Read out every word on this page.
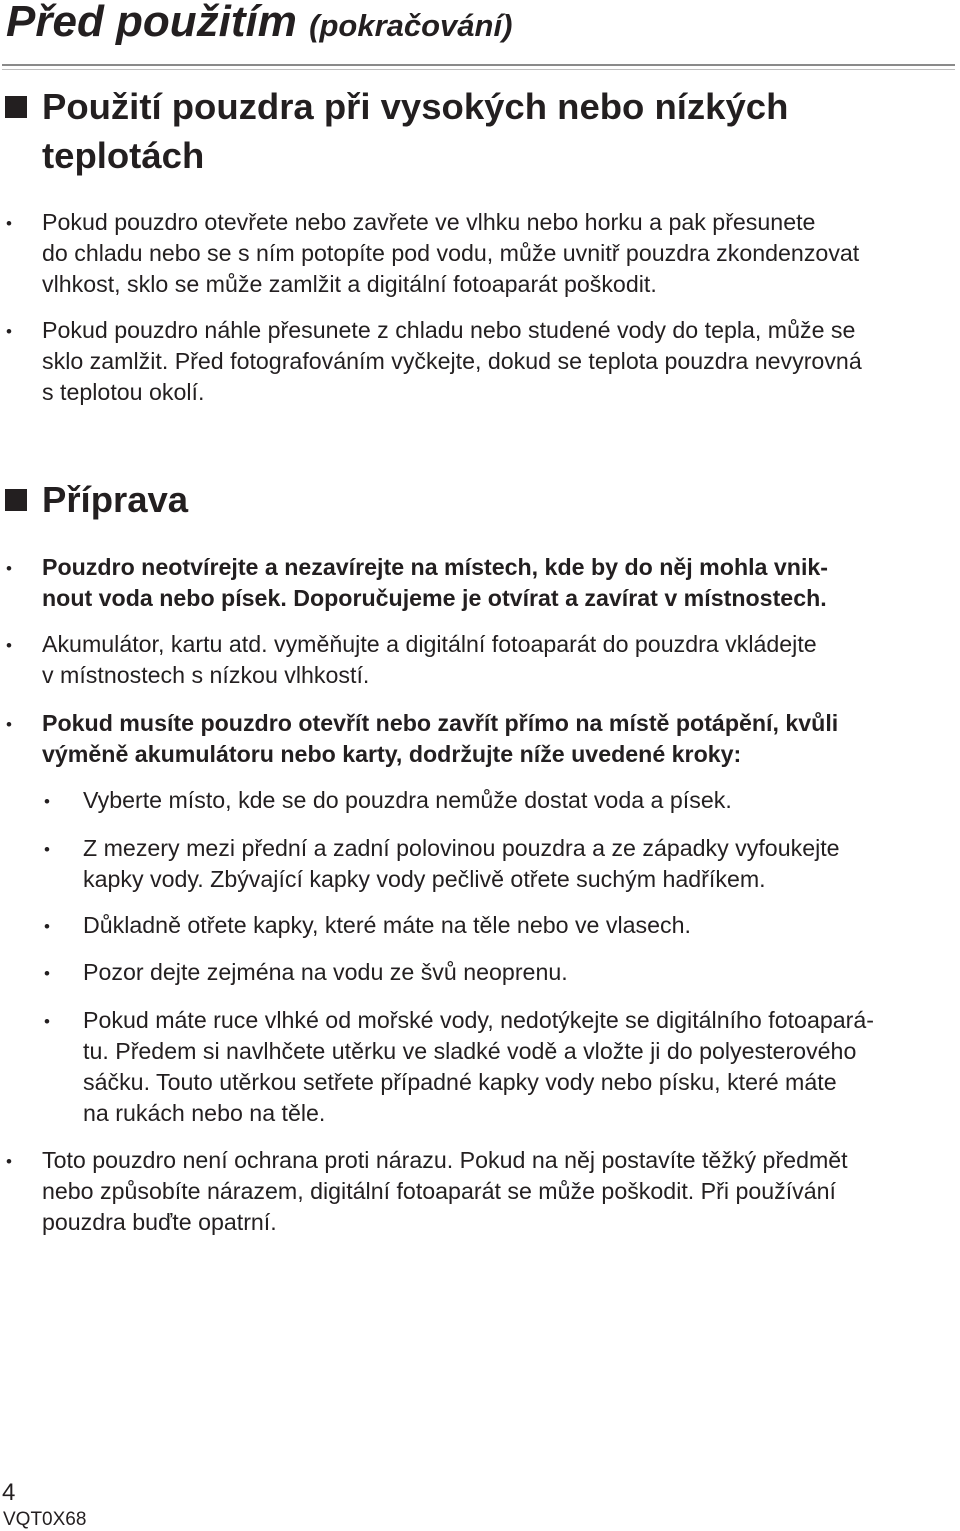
Před použitím (pokračování)
Použití pouzdra při vysokých nebo nízkých
teplotách
• Pokud pouzdro otevřete nebo zavřete ve vlhku nebo horku a pak přesunete
do chladu nebo se s ním potopíte pod vodu, může uvnitř pouzdra zkondenzovat
vlhkost, sklo se může zamlžit a digitální fotoaparát poškodit.

• Pokud pouzdro náhle přesunete z chladu nebo studené vody do tepla, může se
sklo zamlžit. Před fotografováním vyčkejte, dokud se teplota pouzdra nevyrovná
s teplotou okolí.

Příprava
• Pouzdro neotvírejte a nezavírejte na místech, kde by do něj mohla vnik-
nout voda nebo písek. Doporučujeme je otvírat a zavírat v místnostech.

• Akumulátor, kartu atd. vyměňujte a digitální fotoaparát do pouzdra vkládejte
v místnostech s nízkou vlhkostí.

• Pokud musíte pouzdro otevřít nebo zavřít přímo na místě potápění, kvůli
výměně akumulátoru nebo karty, dodržujte níže uvedené kroky:

• Vyberte místo, kde se do pouzdra nemůže dostat voda a písek.

• Z mezery mezi přední a zadní polovinou pouzdra a ze západky vyfoukejte
kapky vody. Zbývající kapky vody pečlivě otřete suchým hadříkem.

• Důkladně otřete kapky, které máte na těle nebo ve vlasech.

• Pozor dejte zejména na vodu ze švů neoprenu.

• Pokud máte ruce vlhké od mořské vody, nedotýkejte se digitálního fotoapará-
tu. Předem si navlhčete utěrku ve sladké vodě a vložte ji do polyesterového
sáčku. Touto utěrkou setřete případné kapky vody nebo písku, které máte
na rukách nebo na těle.

• Toto pouzdro není ochrana proti nárazu. Pokud na něj postavíte těžký předmět
nebo způsobíte nárazem, digitální fotoaparát se může poškodit. Při používání
pouzdra buďte opatrní.

4
VQT0X68
